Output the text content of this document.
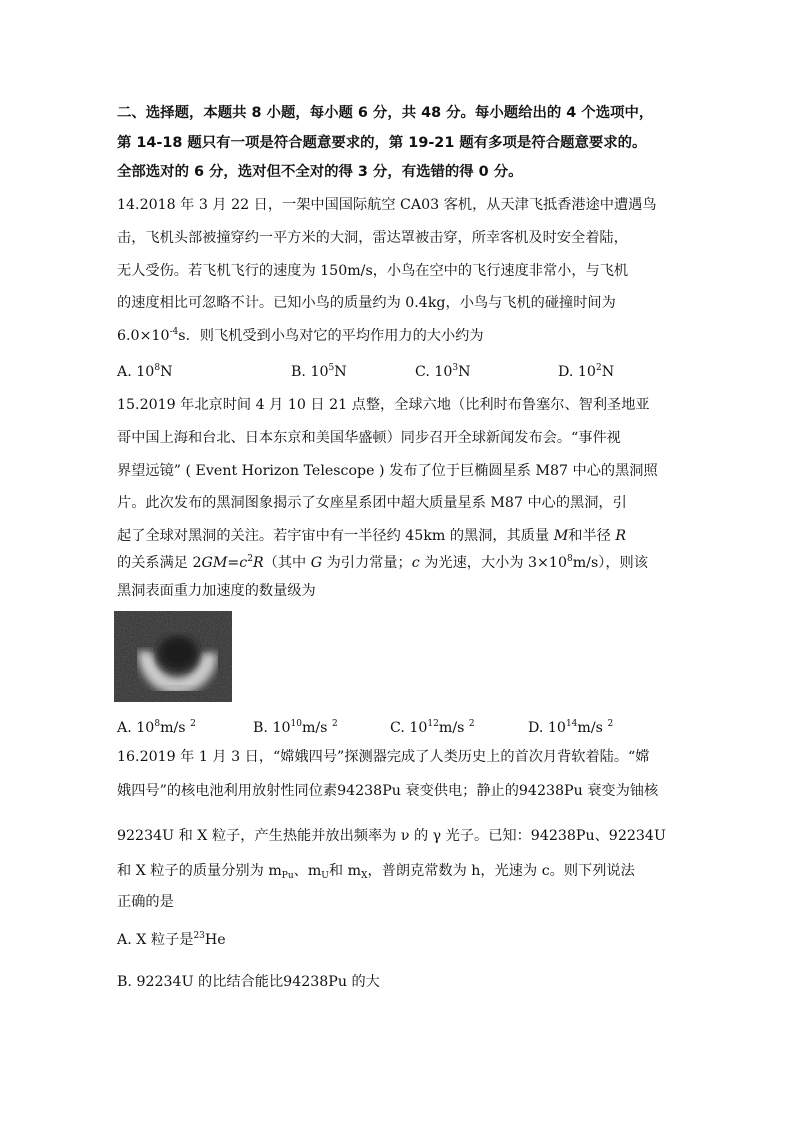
二、选择题，本题共 8 小题，每小题 6 分，共 48 分。每小题给出的 4 个选项中，
第 14-18 题只有一项是符合题意要求的，第 19-21 题有多项是符合题意要求的。
全部选对的 6 分，选对但不全对的得 3 分，有选错的得 0 分。
14.2018 年 3 月 22 日，一架中国国际航空 CA03 客机，从天津飞抵香港途中遭遇鸟
击，飞机头部被撞穿约一平方米的大洞，雷达罩被击穿，所幸客机及时安全着陆，
无人受伤。若飞机飞行的速度为 150m/s，小鸟在空中的飞行速度非常小，与飞机
的速度相比可忽略不计。已知小鸟的质量约为 0.4kg，小鸟与飞机的碰撞时间为
$6.0\times 10^{-4}s$．则飞机受到小鸟对它的平均作用力的大小约为
A. $10^8N$	B. $10^5N$	C. $10^3N$	D. $10^2N$
15.2019 年北京时间 4 月 10 日 21 点整，全球六地（比利时布鲁塞尔、智利圣地亚
哥中国上海和台北、日本东京和美国华盛顿）同步召开全球新闻发布会。“事件视
界望远镜” ( Event Horizon Telescope ) 发布了位于巨椭圆星系 M87 中心的黑洞照
片。此次发布的黑洞图象揭示了女座星系团中超大质量星系 M87 中心的黑洞，引
起了全球对黑洞的关注。若宇宙中有一半径约 45km 的黑洞，其质量 M和半径 R
的关系满足 $2GM=c^2R$（其中 G 为引力常量；c 为光速，大小为 $3\times 10^8m/s$），则该
黑洞表面重力加速度的数量级为
A. $10^8m/s$ $^2$	B. $10^{10}m/s$ $^2$	C. $10^{12}m/s$ $^2$	D. $10^{14}m/s$ $^2$
16.2019 年 1 月 3 日，“嫦娥四号”探测器完成了人类历史上的首次月背软着陆。“嫦
娥四号”的核电池利用放射性同位素94238Pu 衰变供电；静止的94238Pu 衰变为铀核
92234U 和 X 粒子，产生热能并放出频率为 ν 的 γ 光子。已知：94238Pu、92234U
和 X 粒子的质量分别为 $m_{Pu}$、$m_U$和 $m_X$，普朗克常数为 h，光速为 c。则下列说法
正确的是
A. X 粒子是$^{23}$He
B. 92234U 的比结合能比94238Pu 的大
